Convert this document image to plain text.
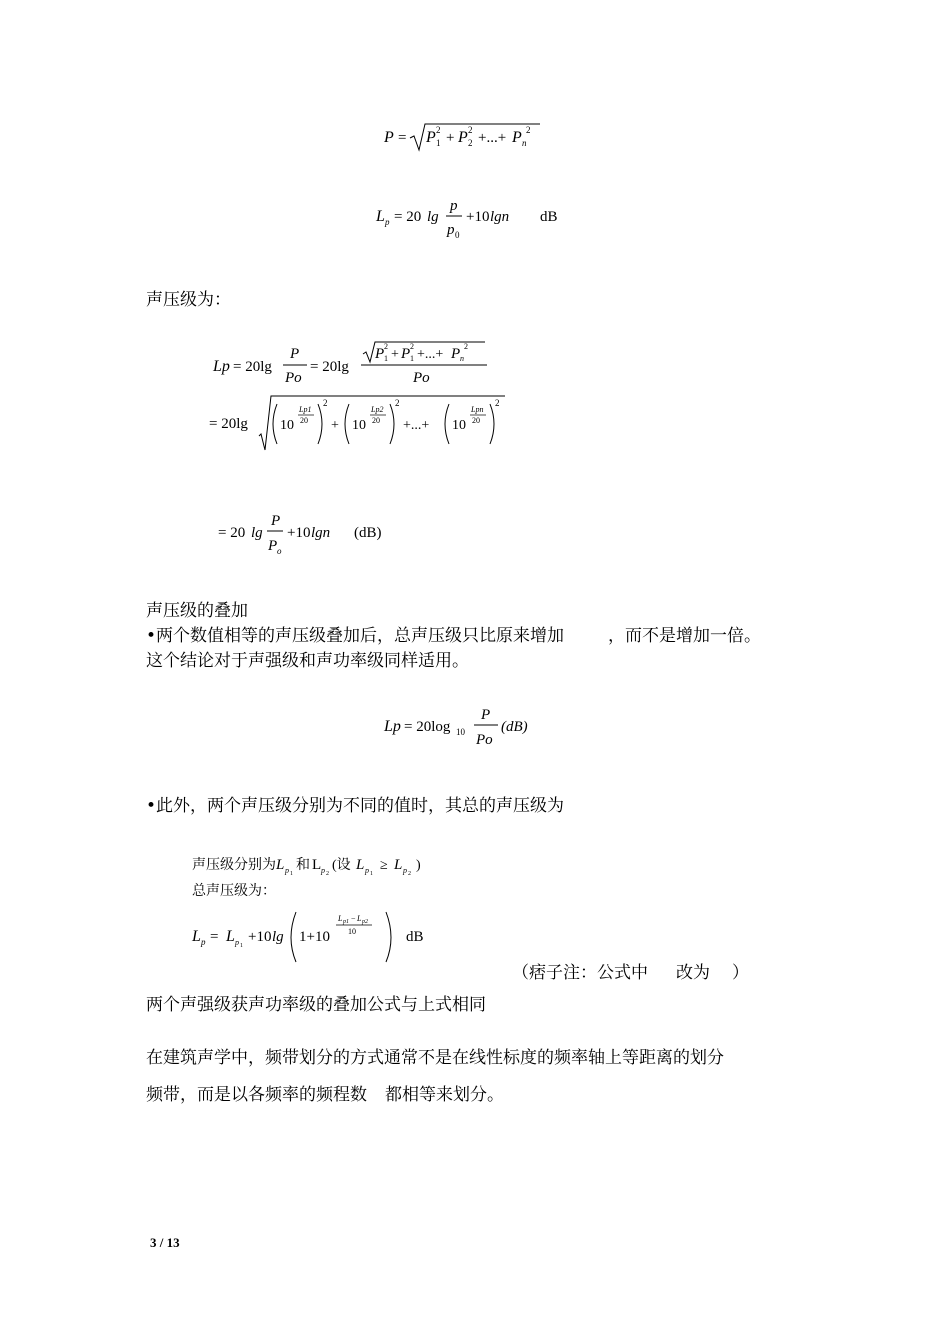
P = P 1
2 + P 2
2 +...+ P n
2
L p = 20 lg
p
p 0
+10 lgn dB
声压级为：
Lp = 20lg
P
Po
= 20lg
P 1
2
+ P 1
2
+...+ P n
2
Po
= 20lg 10
Lp1
20
2
+ 10
Lp2
20
2
+...+ 10
Lpn
20
2
= 20 lg
P
P o
+10 lgn (dB)
声压级的叠加
•两个数值相等的声压级叠加后，总声压级只比原来增加	，而不是增加一倍。
这个结论对于声强级和声功率级同样适用。
Lp = 20log 10
P
Po
(dB)
•此外，两个声压级分别为不同的值时，其总的声压级为
声压级分别为 L p 1
和 L p 2
(设 L p 1
≥ L p 2
)
总声压级为：
L p = L p 1
+10 lg 1+10
L p1 − L p2
10	dB
（痞子注：公式中 改为 ）
两个声强级获声功率级的叠加公式与上式相同
在建筑声学中，频带划分的方式通常不是在线性标度的频率轴上等距离的划分
频带，而是以各频率的频程数 都相等来划分。
3 / 13
